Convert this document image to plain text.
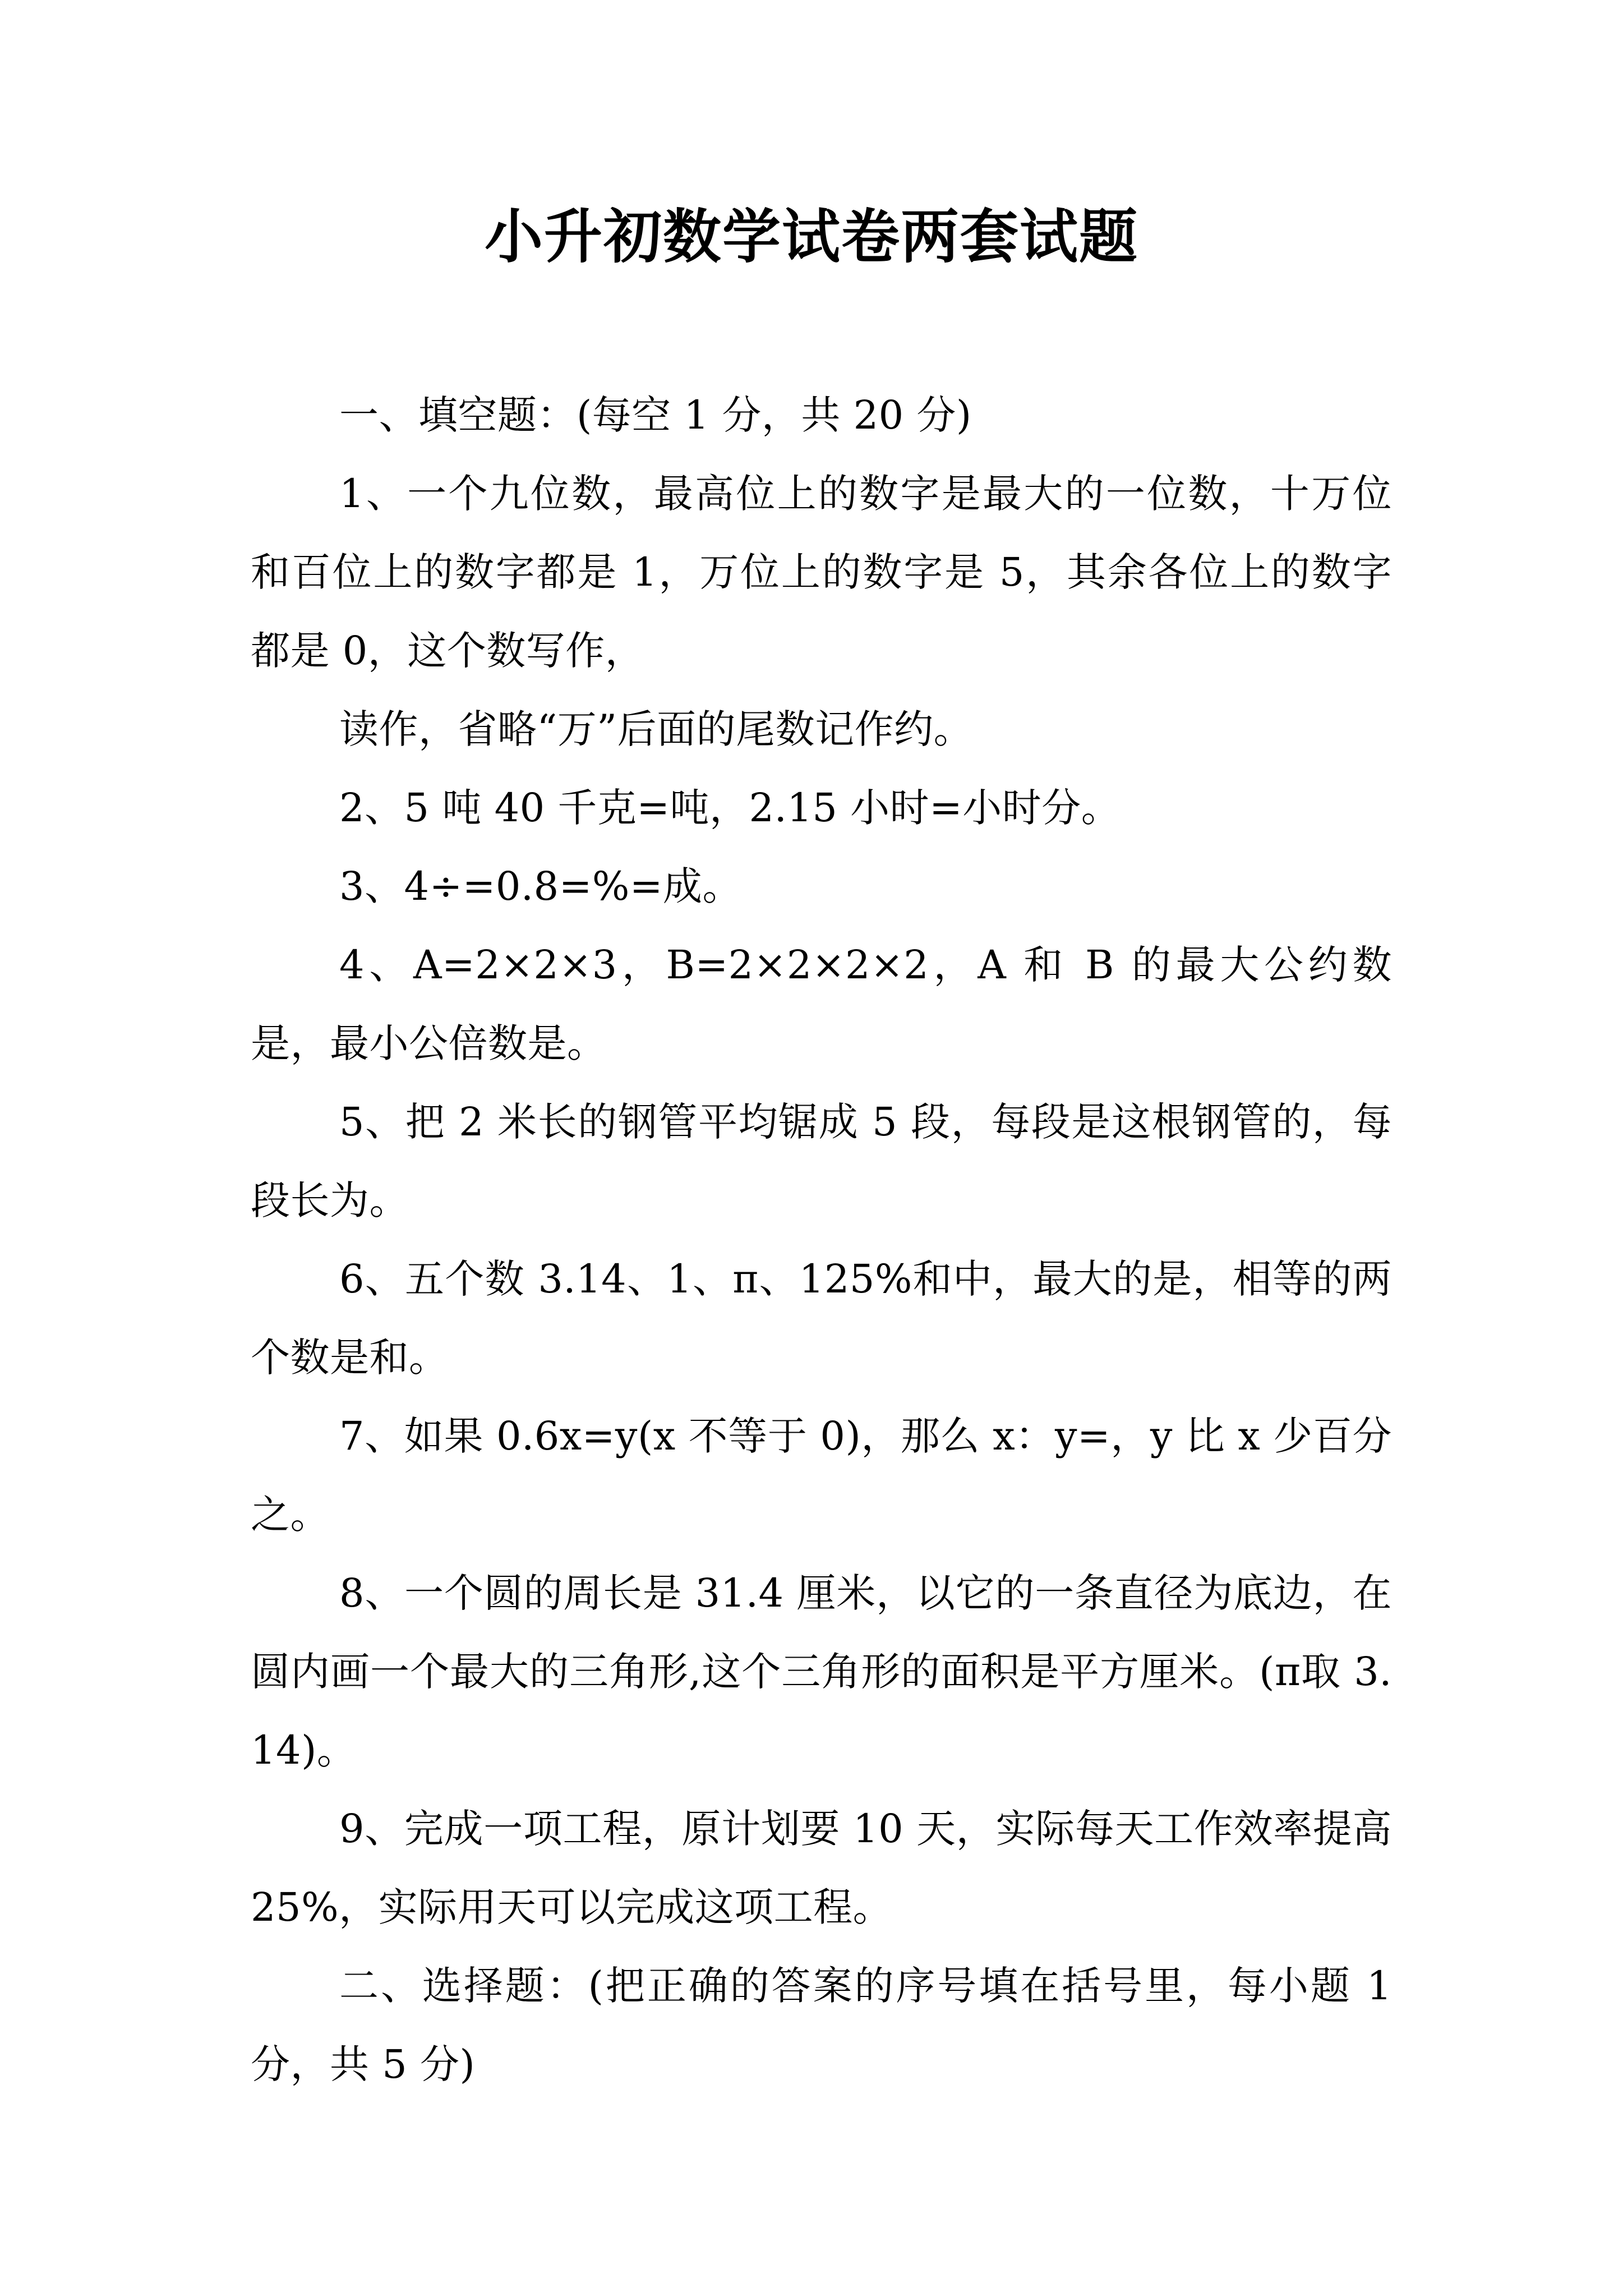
小升初数学试卷两套试题

一、填空题：(每空 1 分，共 20 分)

1、一个九位数，最高位上的数字是最大的一位数，十万位和百位上的数字都是 1，万位上的数字是 5，其余各位上的数字都是 0，这个数写作，

读作，省略“万”后面的尾数记作约。

2、5 吨 40 千克=吨，2.15 小时=小时分。

3、4÷=0.8=%=成。

4、A=2×2×3，B=2×2×2×2，A 和 B 的最大公约数是，最小公倍数是。

5、把 2 米长的钢管平均锯成 5 段，每段是这根钢管的，每段长为。

6、五个数 3.14、1、π、125%和中，最大的是，相等的两个数是和。

7、如果 0.6x=y(x 不等于 0)，那么 x：y=，y 比 x 少百分之。

8、一个圆的周长是 31.4 厘米，以它的一条直径为底边，在圆内画一个最大的三角形,这个三角形的面积是平方厘米。(π取 3.14)。

9、完成一项工程，原计划要 10 天，实际每天工作效率提高 25%，实际用天可以完成这项工程。

二、选择题：(把正确的答案的序号填在括号里，每小题 1 分，共 5 分)
